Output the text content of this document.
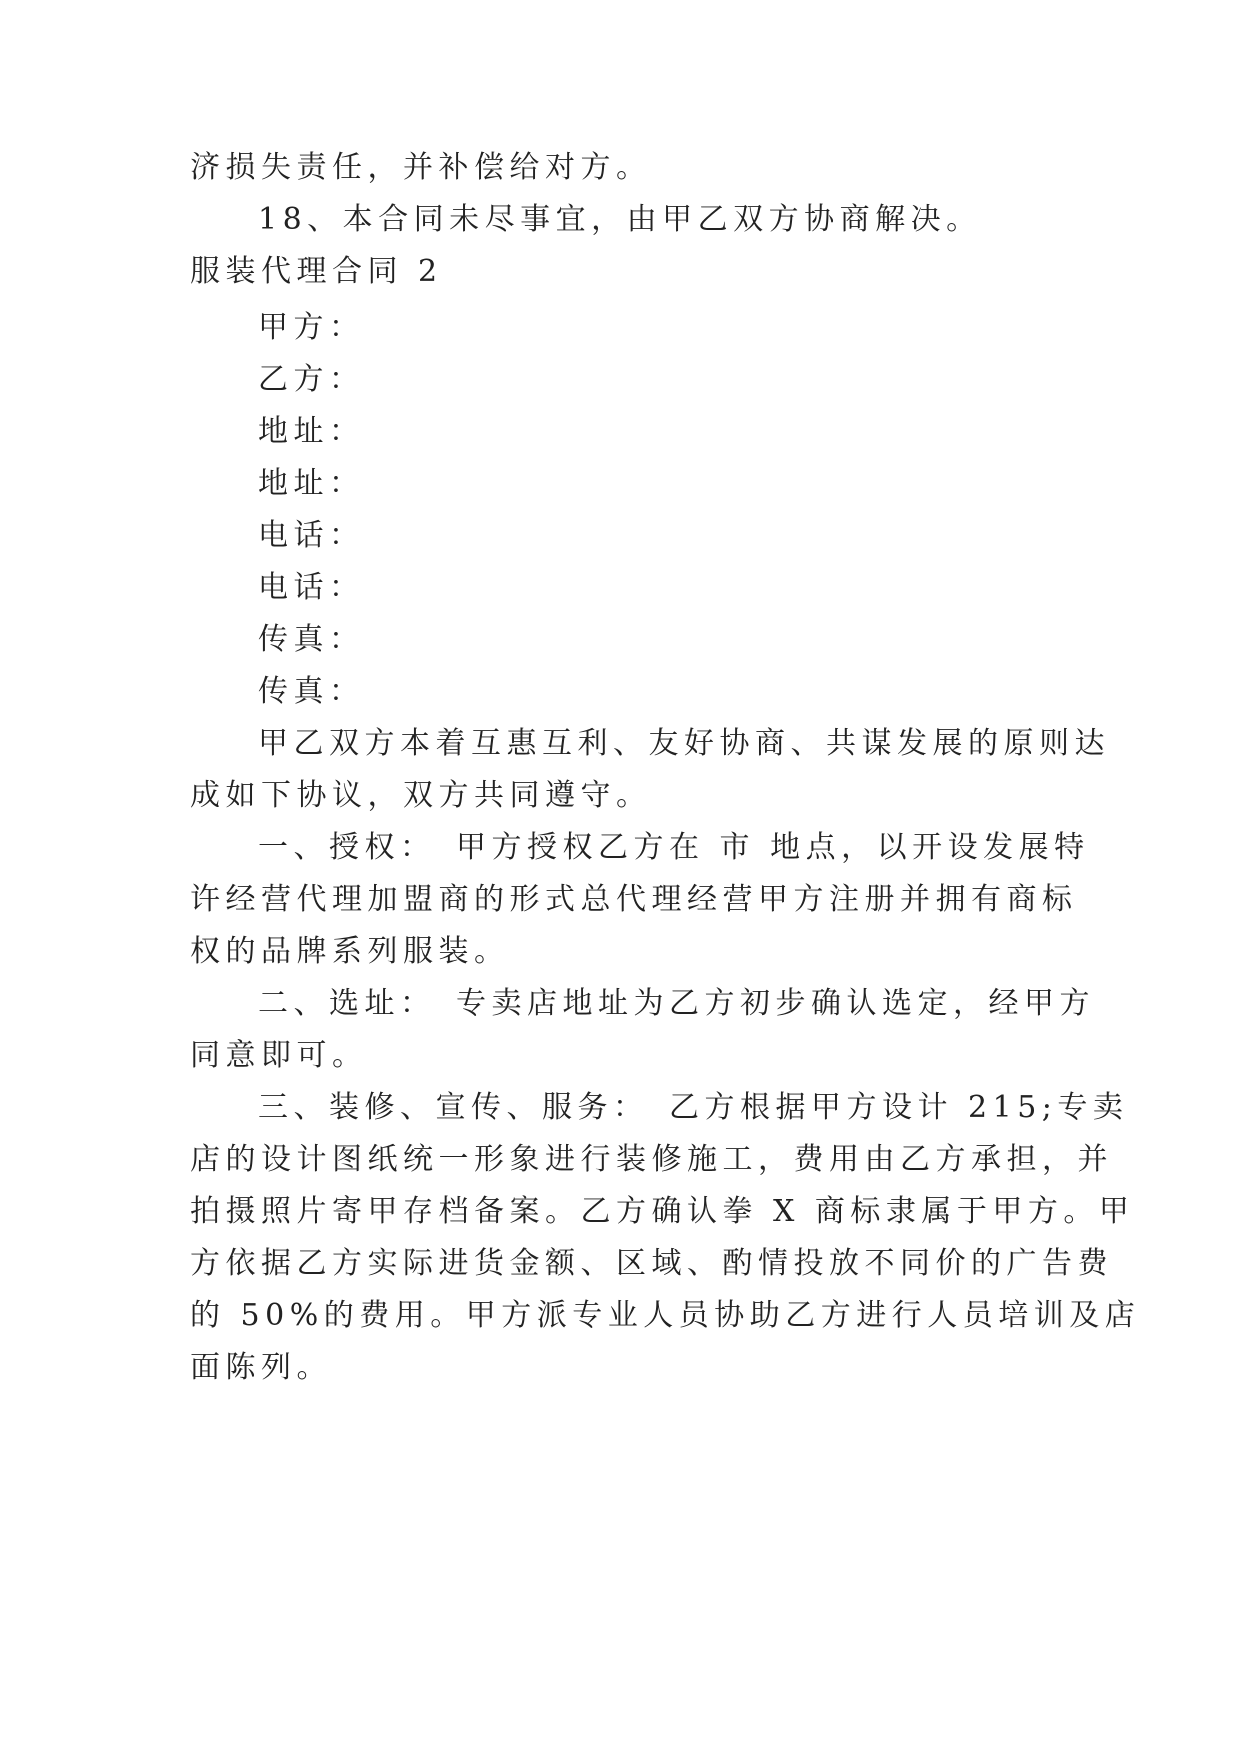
济损失责任，并补偿给对方。
18、本合同未尽事宜，由甲乙双方协商解决。
服装代理合同 2
甲方：
乙方：
地址：
地址：
电话：
电话：
传真：
传真：
甲乙双方本着互惠互利、友好协商、共谋发展的原则达
成如下协议，双方共同遵守。
一、授权：　甲方授权乙方在 市 地点，以开设发展特
许经营代理加盟商的形式总代理经营甲方注册并拥有商标
权的品牌系列服装。
二、选址：　专卖店地址为乙方初步确认选定，经甲方
同意即可。
三、装修、宣传、服务：　乙方根据甲方设计 215;专卖
店的设计图纸统一形象进行装修施工，费用由乙方承担，并
拍摄照片寄甲存档备案。乙方确认拳 X 商标隶属于甲方。甲
方依据乙方实际进货金额、区域、酌情投放不同价的广告费
的 50%的费用。甲方派专业人员协助乙方进行人员培训及店
面陈列。
